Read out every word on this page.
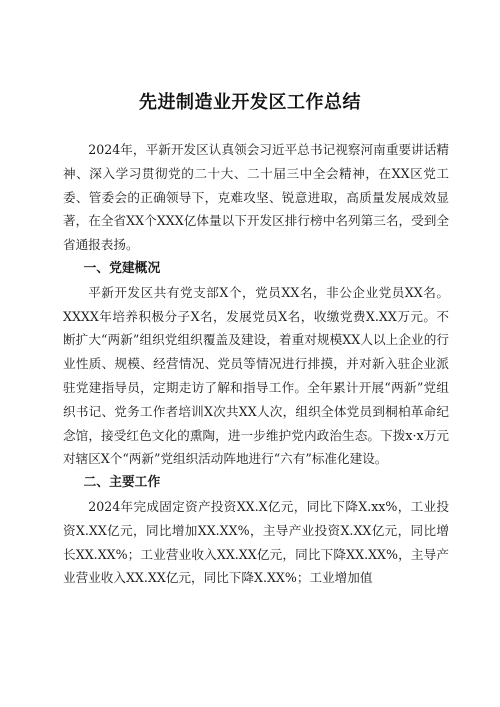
先进制造业开发区工作总结

2024年，平新开发区认真领会习近平总书记视察河南重要讲话精神、深入学习贯彻党的二十大、二十届三中全会精神，在XX区党工委、管委会的正确领导下，克难攻坚、锐意进取，高质量发展成效显著，在全省XX个XXX亿体量以下开发区排行榜中名列第三名，受到全省通报表扬。

一、党建概况

平新开发区共有党支部X个，党员XX名，非公企业党员XX名。XXXX年培养积极分子X名，发展党员X名，收缴党费X.XX万元。不断扩大“两新”组织党组织覆盖及建设，着重对规模XX人以上企业的行业性质、规模、经营情况、党员等情况进行排摸，并对新入驻企业派驻党建指导员，定期走访了解和指导工作。全年累计开展“两新”党组织书记、党务工作者培训X次共XX人次，组织全体党员到桐柏革命纪念馆，接受红色文化的熏陶，进一步维护党内政治生态。下拨x·x万元对辖区X个“两新”党组织活动阵地进行“六有”标准化建设。

二、主要工作

2024年完成固定资产投资XX.X亿元，同比下降X.xx%，工业投资X.XX亿元，同比增加XX.XX%，主导产业投资X.XX亿元，同比增长XX.XX%；工业营业收入XX.XX亿元，同比下降XX.XX%，主导产业营业收入XX.XX亿元，同比下降X.XX%；工业增加值
